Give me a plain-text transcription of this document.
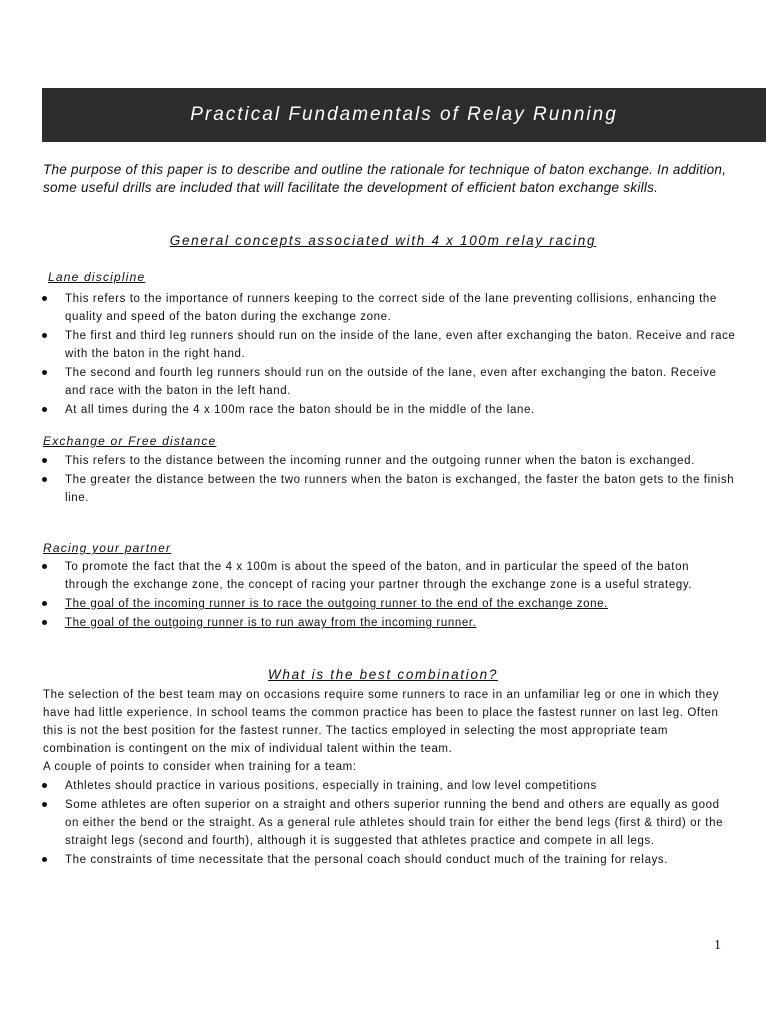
Practical Fundamentals of Relay Running

The purpose of this paper is to describe and outline the rationale for technique of baton exchange. In addition, some useful drills are included that will facilitate the development of efficient baton exchange skills.

General concepts associated with 4 x 100m relay racing
Lane discipline
This refers to the importance of runners keeping to the correct side of the lane preventing collisions, enhancing the quality and speed of the baton during the exchange zone.
The first and third leg runners should run on the inside of the lane, even after exchanging the baton. Receive and race with the baton in the right hand.
The second and fourth leg runners should run on the outside of the lane, even after exchanging the baton. Receive and race with the baton in the left hand.
At all times during the 4 x 100m race the baton should be in the middle of the lane.
Exchange or Free distance
This refers to the distance between the incoming runner and the outgoing runner when the baton is exchanged.
The greater the distance between the two runners when the baton is exchanged, the faster the baton gets to the finish line.
Racing your partner
To promote the fact that the 4 x 100m is about the speed of the baton, and in particular the speed of the baton through the exchange zone, the concept of racing your partner through the exchange zone is a useful strategy.
The goal of the incoming runner is to race the outgoing runner to the end of the exchange zone.
The goal of the outgoing runner is to run away from the incoming runner.
What is the best combination?

The selection of the best team may on occasions require some runners to race in an unfamiliar leg or one in which they have had little experience. In school teams the common practice has been to place the fastest runner on last leg. Often this is not the best position for the fastest runner. The tactics employed in selecting the most appropriate team combination is contingent on the mix of individual talent within the team.

A couple of points to consider when training for a team:

Athletes should practice in various positions, especially in training, and low level competitions
Some athletes are often superior on a straight and others superior running the bend and others are equally as good on either the bend or the straight. As a general rule athletes should train for either the bend legs (first & third) or the straight legs (second and fourth), although it is suggested that athletes practice and compete in all legs.
The constraints of time necessitate that the personal coach should conduct much of the training for relays.
1
